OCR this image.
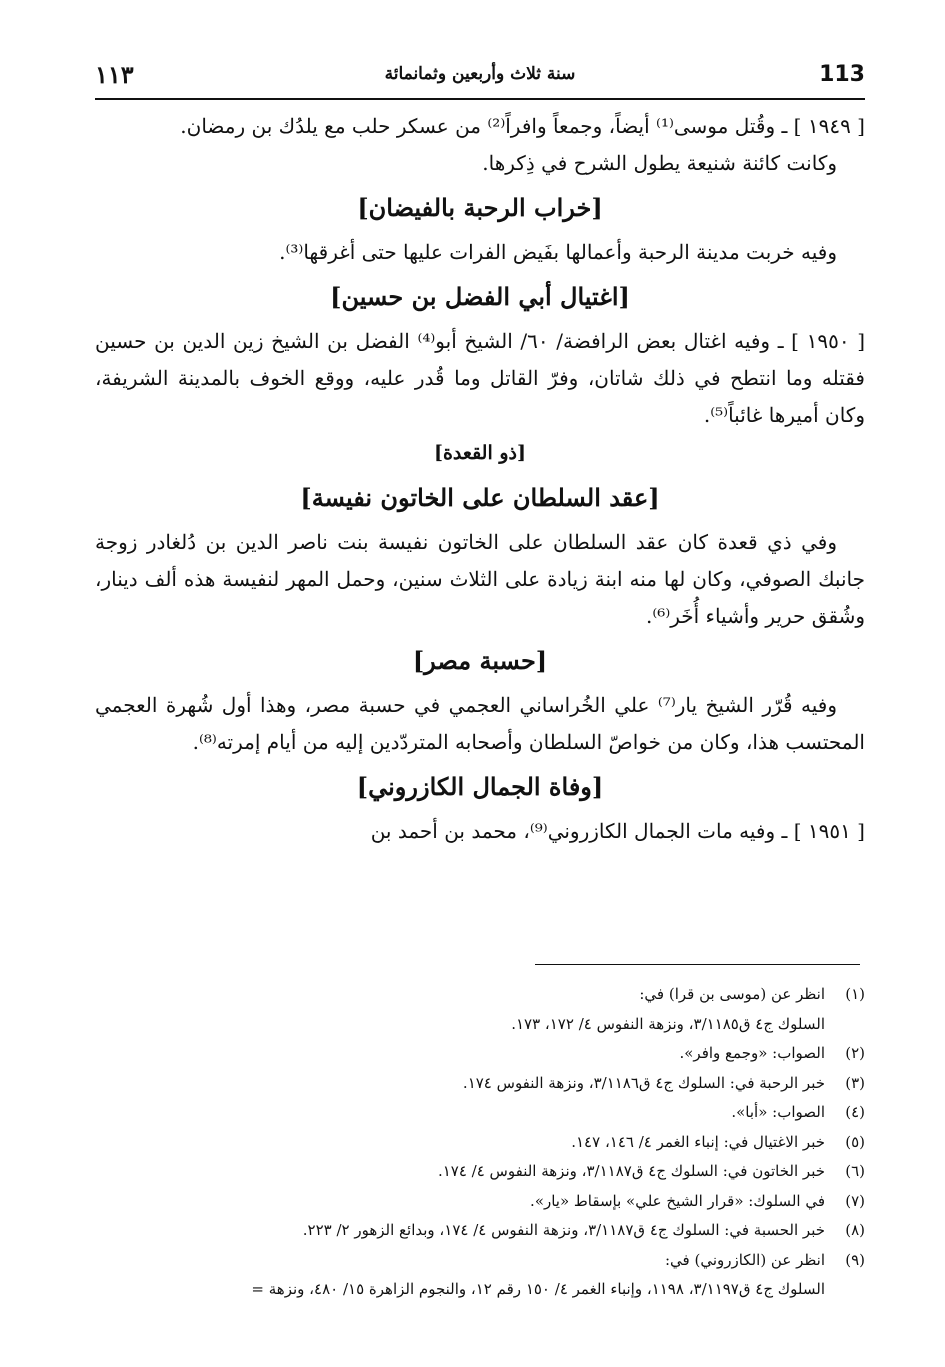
113
سنة ثلاث وأربعين وثمانمائة
١١٣

[ ١٩٤٩ ] ـ وقُتل موسى⁽¹⁾ أيضاً، وجمعاً وافراً⁽²⁾ من عسكر حلب مع يلدُك بن رمضان.

وكانت كائنة شنيعة يطول الشرح في ذِكرها.

[خراب الرحبة بالفيضان]

وفيه خربت مدينة الرحبة وأعمالها بفَيض الفرات عليها حتى أغرقها⁽³⁾.

[اغتيال أبي الفضل بن حسين]

[ ١٩٥٠ ] ـ وفيه اغتال بعض الرافضة/ ٦٠/ الشيخ أبو⁽⁴⁾ الفضل بن الشيخ زين الدين بن حسين فقتله وما انتطح في ذلك شاتان، وفرّ القاتل وما قُدر عليه، ووقع الخوف بالمدينة الشريفة، وكان أميرها غائباً⁽⁵⁾.

[ذو القعدة]

[عقد السلطان على الخاتون نفيسة]

وفي ذي قعدة كان عقد السلطان على الخاتون نفيسة بنت ناصر الدين بن دُلغادر زوجة جانبك الصوفي، وكان لها منه ابنة زيادة على الثلاث سنين، وحمل المهر لنفيسة هذه ألف دينار، وشُقق حرير وأشياء أُخَر⁽⁶⁾.

[حسبة مصر]

وفيه قُرّر الشيخ يار⁽⁷⁾ علي الخُراساني العجمي في حسبة مصر، وهذا أول شُهرة العجمي المحتسب هذا، وكان من خواصّ السلطان وأصحابه المتردّدين إليه من أيام إمرته⁽⁸⁾.

[وفاة الجمال الكازروني]

[ ١٩٥١ ] ـ وفيه مات الجمال الكازروني⁽⁹⁾، محمد بن أحمد بن

(١)
انظر عن (موسى بن قرا) في:
السلوك ج٤ ق٣/١١٨٥، ونزهة النفوس ٤/ ١٧٢، ١٧٣.
(٢)
الصواب: «وجمع وافر».
(٣)
خبر الرحبة في: السلوك ج٤ ق٣/١١٨٦، ونزهة النفوس ١٧٤.
(٤)
الصواب: «أبا».
(٥)
خبر الاغتيال في: إنباء الغمر ٤/ ١٤٦، ١٤٧.
(٦)
خبر الخاتون في: السلوك ج٤ ق٣/١١٨٧، ونزهة النفوس ٤/ ١٧٤.
(٧)
في السلوك: «قرار الشيخ علي» بإسقاط «يار».
(٨)
خبر الحسبة في: السلوك ج٤ ق٣/١١٨٧، ونزهة النفوس ٤/ ١٧٤، وبدائع الزهور ٢/ ٢٢٣.
(٩)
انظر عن (الكازروني) في:
السلوك ج٤ ق٣/١١٩٧، ١١٩٨، وإنباء الغمر ٤/ ١٥٠ رقم ١٢، والنجوم الزاهرة ١٥/ ٤٨٠، ونزهة =
